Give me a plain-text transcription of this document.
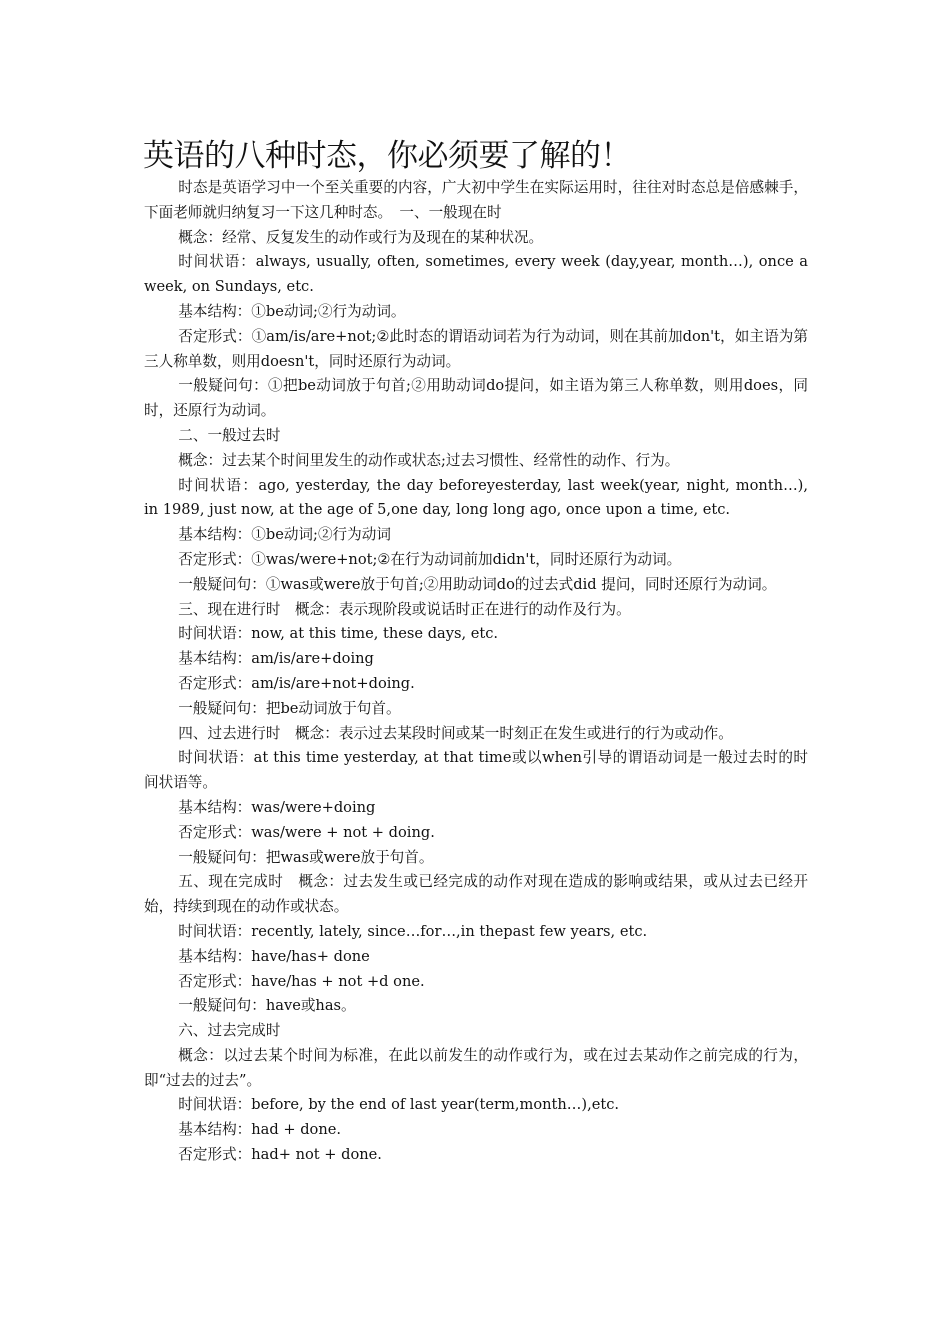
英语的八种时态，你必须要了解的！

时态是英语学习中一个至关重要的内容，广大初中学生在实际运用时，往往对时态总是倍感棘手，下面老师就归纳复习一下这几种时态。　一、一般现在时

概念：经常、反复发生的动作或行为及现在的某种状况。

时间状语：always, usually, often, sometimes, every week (day,year, month…), once a week, on Sundays, etc.

基本结构：①be动词;②行为动词。

否定形式：①am/is/are+not;②此时态的谓语动词若为行为动词，则在其前加don't，如主语为第三人称单数，则用doesn't，同时还原行为动词。

一般疑问句：①把be动词放于句首;②用助动词do提问，如主语为第三人称单数，则用does，同时，还原行为动词。

二、一般过去时

概念：过去某个时间里发生的动作或状态;过去习惯性、经常性的动作、行为。

时间状语：ago, yesterday, the day beforeyesterday, last week(year, night, month…), in 1989, just now, at the age of 5,one day, long long ago, once upon a time, etc.

基本结构：①be动词;②行为动词

否定形式：①was/were+not;②在行为动词前加didn't，同时还原行为动词。

一般疑问句：①was或were放于句首;②用助动词do的过去式did 提问，同时还原行为动词。

三、现在进行时　概念：表示现阶段或说话时正在进行的动作及行为。

时间状语：now, at this time, these days, etc.

基本结构：am/is/are+doing

否定形式：am/is/are+not+doing.

一般疑问句：把be动词放于句首。

四、过去进行时　概念：表示过去某段时间或某一时刻正在发生或进行的行为或动作。

时间状语：at this time yesterday, at that time或以when引导的谓语动词是一般过去时的时间状语等。

基本结构：was/were+doing

否定形式：was/were + not + doing.

一般疑问句：把was或were放于句首。

五、现在完成时　概念：过去发生或已经完成的动作对现在造成的影响或结果，或从过去已经开始，持续到现在的动作或状态。

时间状语：recently, lately, since…for…,in thepast few years, etc.

基本结构：have/has+ done

否定形式：have/has + not +d one.

一般疑问句：have或has。

六、过去完成时

概念：以过去某个时间为标准，在此以前发生的动作或行为，或在过去某动作之前完成的行为，即“过去的过去”。

时间状语：before, by the end of last year(term,month…),etc.

基本结构：had + done.

否定形式：had+ not + done.
